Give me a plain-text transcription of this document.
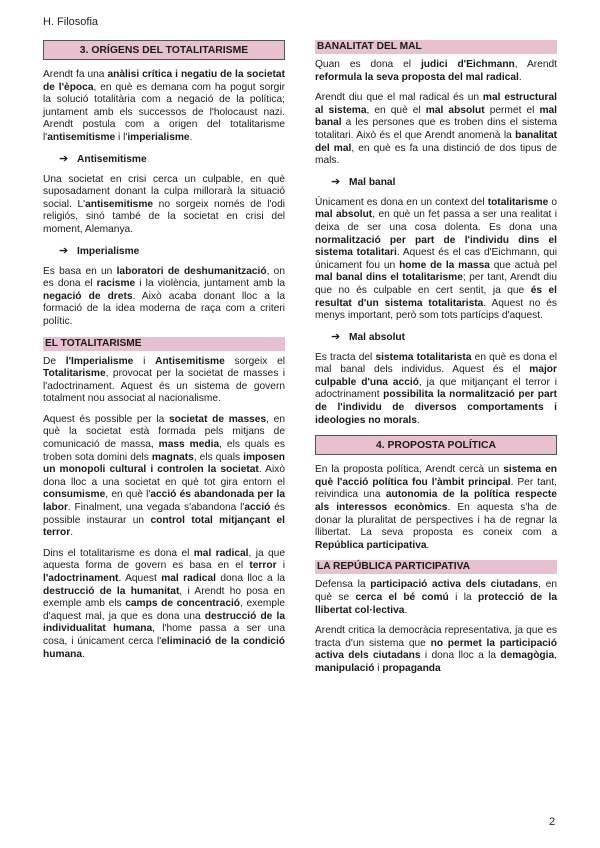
H. Filosofia
3. ORÍGENS DEL TOTALITARISME

Arendt fa una anàlisi crítica i negatiu de la societat de l'època, en què es demana com ha pogut sorgir la solució totalitària com a negació de la política; juntament amb els successos de l'holocaust nazi. Arendt postula com a origen del totalitarisme l'antisemitisme i l'imperialisme.

➔ Antisemitisme

Una societat en crisi cerca un culpable, en què suposadament donant la culpa millorarà la situació social. L'antisemitisme no sorgeix només de l'odi religiós, sinó també de la societat en crisi del moment, Alemanya.

➔ Imperialisme

Es basa en un laboratori de deshumanització, on es dona el racisme i la violència, juntament amb la negació de drets. Això acaba donant lloc a la formació de la idea moderna de raça com a criteri polític.

EL TOTALITARISME

De l'Imperialisme i Antisemitisme sorgeix el Totalitarisme, provocat per la societat de masses i l'adoctrinament. Aquest és un sistema de govern totalment nou associat al nacionalisme.

Aquest és possible per la societat de masses, en què la societat està formada pels mitjans de comunicació de massa, mass media, els quals es troben sota domini dels magnats, els quals imposen un monopoli cultural i controlen la societat. Això dona lloc a una societat en què tot gira entorn el consumisme, en què l'acció és abandonada per la labor. Finalment, una vegada s'abandona l'acció és possible instaurar un control total mitjançant el terror.

Dins el totalitarisme es dona el mal radical, ja que aquesta forma de govern es basa en el terror i l'adoctrinament. Aquest mal radical dona lloc a la destrucció de la humanitat, i Arendt ho posa en exemple amb els camps de concentració, exemple d'aquest mal, ja que es dona una destrucció de la individualitat humana, l'home passa a ser una cosa, i únicament cerca l'eliminació de la condició humana.

BANALITAT DEL MAL

Quan es dona el judici d'Eichmann, Arendt reformula la seva proposta del mal radical.

Arendt diu que el mal radical és un mal estructural al sistema, en què el mal absolut permet el mal banal a les persones que es troben dins el sistema totalitari. Això és el que Arendt anomenà la banalitat del mal, en què es fa una distinció de dos tipus de mals.

➔ Mal banal

Únicament es dona en un context del totalitarisme o mal absolut, en què un fet passa a ser una realitat i deixa de ser una cosa dolenta. Es dona una normalització per part de l'individu dins el sistema totalitari. Aquest és el cas d'Eichmann, qui únicament fou un home de la massa que actuà pel mal banal dins el totalitarisme; per tant, Arendt diu que no és culpable en cert sentit, ja que és el resultat d'un sistema totalitarista. Aquest no és menys important, però som tots partícips d'aquest.

➔ Mal absolut

Es tracta del sistema totalitarista en què es dona el mal banal dels individus. Aquest és el major culpable d'una acció, ja que mitjançant el terror i adoctrinament possibilita la normalització per part de l'individu de diversos comportaments i ideologies no morals.

4. PROPOSTA POLÍTICA

En la proposta política, Arendt cercà un sistema en què l'acció política fou l'àmbit principal. Per tant, reivindica una autonomia de la política respecte als interessos econòmics. En aquesta s'ha de donar la pluralitat de perspectives i ha de regnar la llibertat. La seva proposta es coneix com a República participativa.

LA REPÚBLICA PARTICIPATIVA

Defensa la participació activa dels ciutadans, en què se cerca el bé comú i la protecció de la llibertat col·lectiva.

Arendt critica la democràcia representativa, ja que es tracta d'un sistema que no permet la participació activa dels ciutadans i dona lloc a la demagògia, manipulació i propaganda

2
